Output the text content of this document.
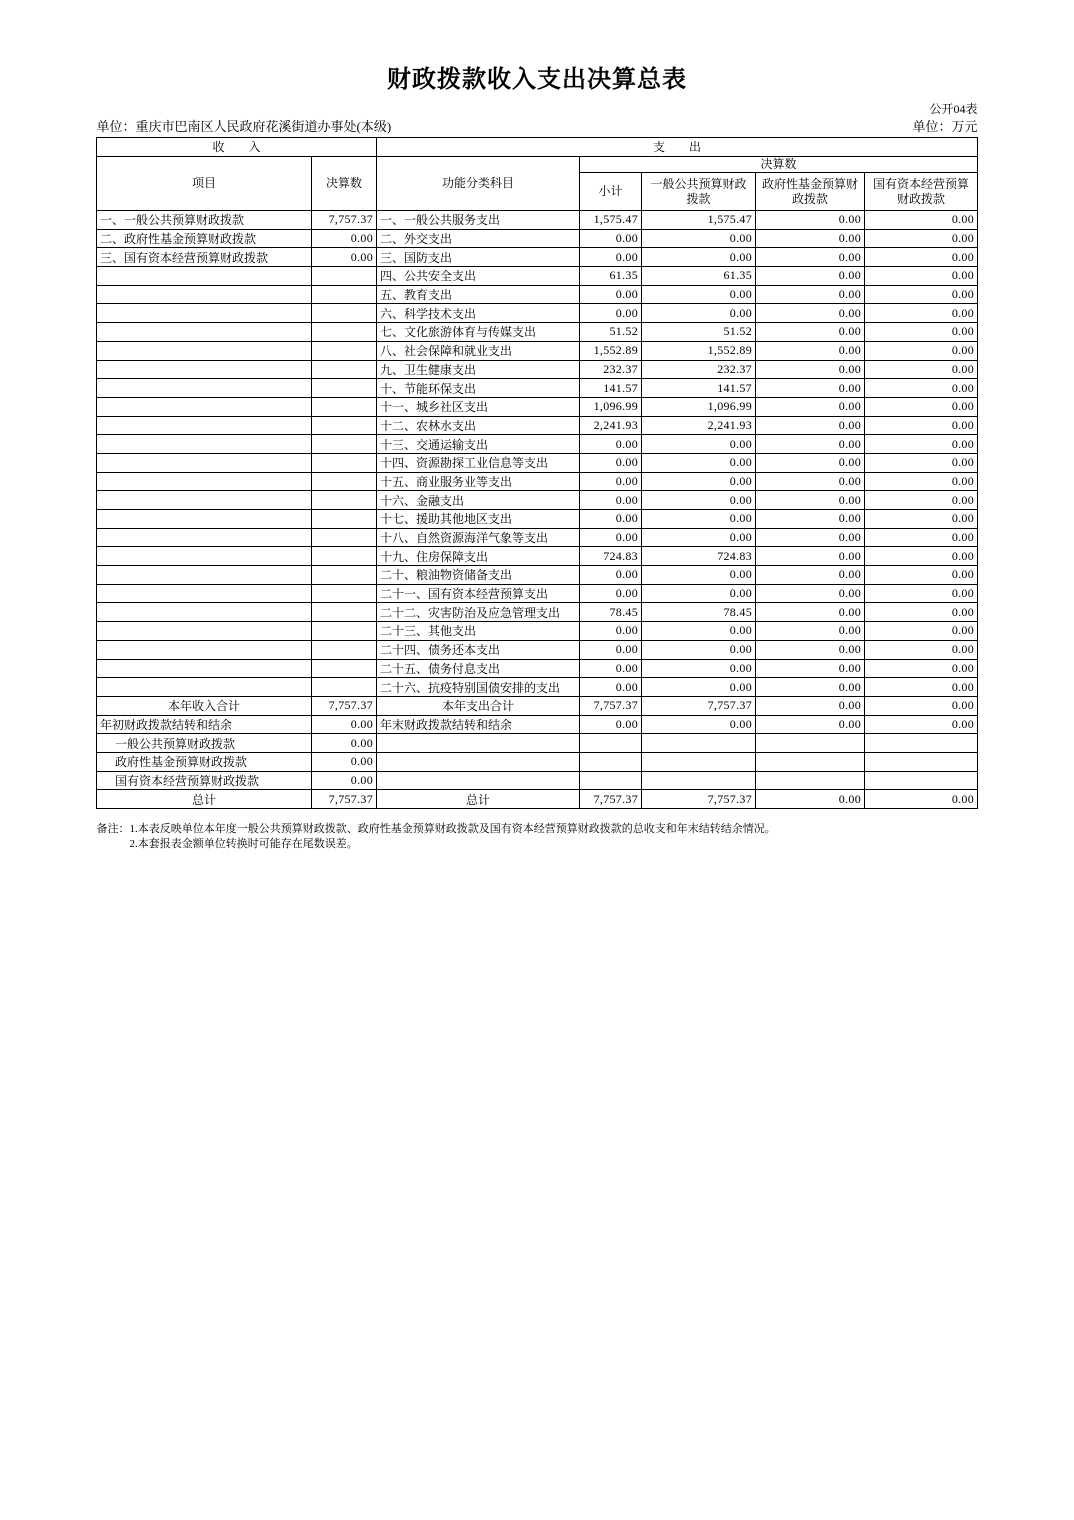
财政拨款收入支出决算总表
公开04表
单位：重庆市巴南区人民政府花溪街道办事处(本级)	单位：万元
收　　入		支　　出				
项目	决算数	功能分类科目	决算数			
			小计	一般公共预算财政拨款	政府性基金预算财政拨款	国有资本经营预算财政拨款
一、一般公共预算财政拨款	7,757.37	一、一般公共服务支出	1,575.47	1,575.47	0.00	0.00
二、政府性基金预算财政拨款	0.00	二、外交支出	0.00	0.00	0.00	0.00
三、国有资本经营预算财政拨款	0.00	三、国防支出	0.00	0.00	0.00	0.00
		四、公共安全支出	61.35	61.35	0.00	0.00
		五、教育支出	0.00	0.00	0.00	0.00
		六、科学技术支出	0.00	0.00	0.00	0.00
		七、文化旅游体育与传媒支出	51.52	51.52	0.00	0.00
		八、社会保障和就业支出	1,552.89	1,552.89	0.00	0.00
		九、卫生健康支出	232.37	232.37	0.00	0.00
		十、节能环保支出	141.57	141.57	0.00	0.00
		十一、城乡社区支出	1,096.99	1,096.99	0.00	0.00
		十二、农林水支出	2,241.93	2,241.93	0.00	0.00
		十三、交通运输支出	0.00	0.00	0.00	0.00
		十四、资源勘探工业信息等支出	0.00	0.00	0.00	0.00
		十五、商业服务业等支出	0.00	0.00	0.00	0.00
		十六、金融支出	0.00	0.00	0.00	0.00
		十七、援助其他地区支出	0.00	0.00	0.00	0.00
		十八、自然资源海洋气象等支出	0.00	0.00	0.00	0.00
		十九、住房保障支出	724.83	724.83	0.00	0.00
		二十、粮油物资储备支出	0.00	0.00	0.00	0.00
		二十一、国有资本经营预算支出	0.00	0.00	0.00	0.00
		二十二、灾害防治及应急管理支出	78.45	78.45	0.00	0.00
		二十三、其他支出	0.00	0.00	0.00	0.00
		二十四、债务还本支出	0.00	0.00	0.00	0.00
		二十五、债务付息支出	0.00	0.00	0.00	0.00
		二十六、抗疫特别国债安排的支出	0.00	0.00	0.00	0.00
本年收入合计	7,757.37	本年支出合计	7,757.37	7,757.37	0.00	0.00
年初财政拨款结转和结余	0.00	年末财政拨款结转和结余	0.00	0.00	0.00	0.00
一般公共预算财政拨款	0.00					
政府性基金预算财政拨款	0.00					
国有资本经营预算财政拨款	0.00					
总计	7,757.37	总计	7,757.37	7,757.37	0.00	0.00
备注： 1.本表反映单位本年度一般公共预算财政拨款、政府性基金预算财政拨款及国有资本经营预算财政拨款的总收支和年末结转结余情况。
2.本套报表金额单位转换时可能存在尾数误差。
